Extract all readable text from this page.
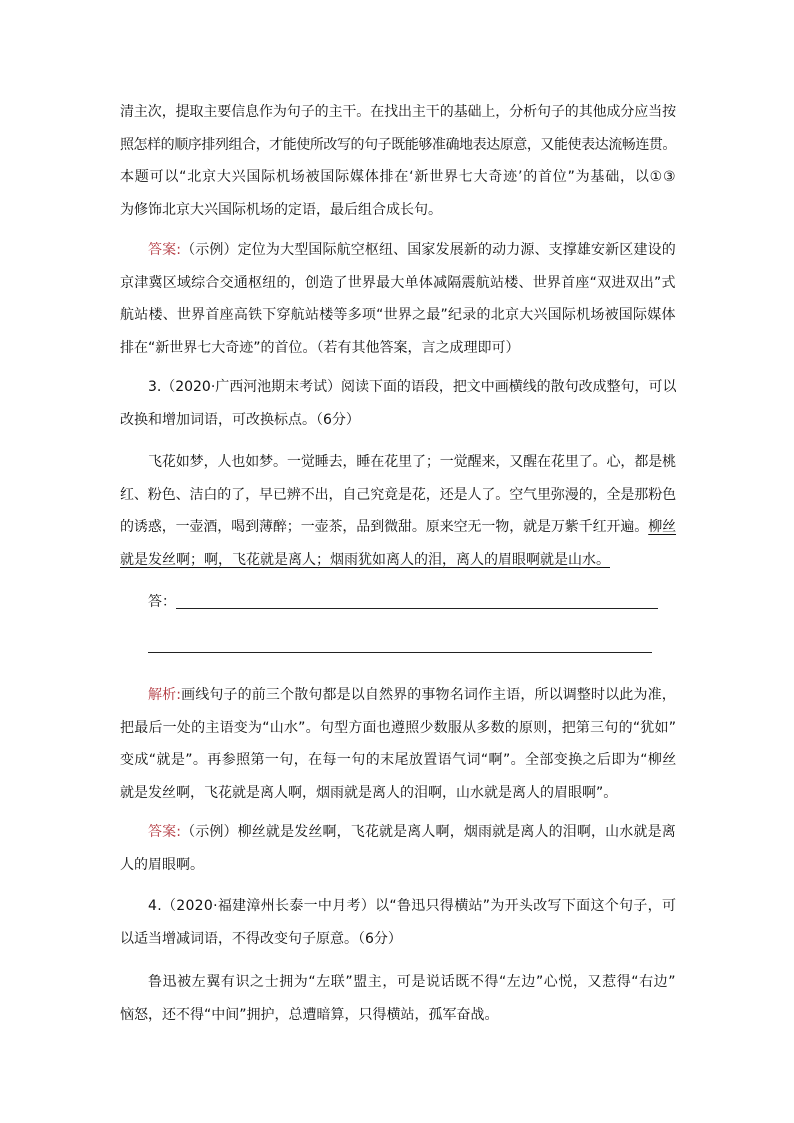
清主次，提取主要信息作为句子的主干。在找出主干的基础上，分析句子的其他成分应当按
照怎样的顺序排列组合，才能使所改写的句子既能够准确地表达原意，又能使表达流畅连贯。
本题可以“北京大兴国际机场被国际媒体排在‘新世界七大奇迹’的首位”为基础，以①③
为修饰北京大兴国际机场的定语，最后组合成长句。
答案:（示例）定位为大型国际航空枢纽、国家发展新的动力源、支撑雄安新区建设的
京津冀区域综合交通枢纽的，创造了世界最大单体减隔震航站楼、世界首座“双进双出”式
航站楼、世界首座高铁下穿航站楼等多项“世界之最”纪录的北京大兴国际机场被国际媒体
排在“新世界七大奇迹”的首位。（若有其他答案，言之成理即可）
3.（2020·广西河池期末考试）阅读下面的语段，把文中画横线的散句改成整句，可以
改换和增加词语，可改换标点。（6分）
飞花如梦，人也如梦。一觉睡去，睡在花里了；一觉醒来，又醒在花里了。心，都是桃
红、粉色、洁白的了，早已辨不出，自己究竟是花，还是人了。空气里弥漫的，全是那粉色
的诱惑，一壶酒，喝到薄醉；一壶茶，品到微甜。原来空无一物，就是万紫千红开遍。柳丝
就是发丝啊；啊，飞花就是离人；烟雨犹如离人的泪，离人的眉眼啊就是山水。
答：
解析:画线句子的前三个散句都是以自然界的事物名词作主语，所以调整时以此为准，
把最后一处的主语变为“山水”。句型方面也遵照少数服从多数的原则，把第三句的“犹如”
变成“就是”。再参照第一句，在每一句的末尾放置语气词“啊”。全部变换之后即为“柳丝
就是发丝啊，飞花就是离人啊，烟雨就是离人的泪啊，山水就是离人的眉眼啊”。
答案:（示例）柳丝就是发丝啊，飞花就是离人啊，烟雨就是离人的泪啊，山水就是离
人的眉眼啊。
4.（2020·福建漳州长泰一中月考）以“鲁迅只得横站”为开头改写下面这个句子，可
以适当增减词语，不得改变句子原意。（6分）
鲁迅被左翼有识之士拥为“左联”盟主，可是说话既不得“左边”心悦，又惹得“右边”
恼怒，还不得“中间”拥护，总遭暗算，只得横站，孤军奋战。
